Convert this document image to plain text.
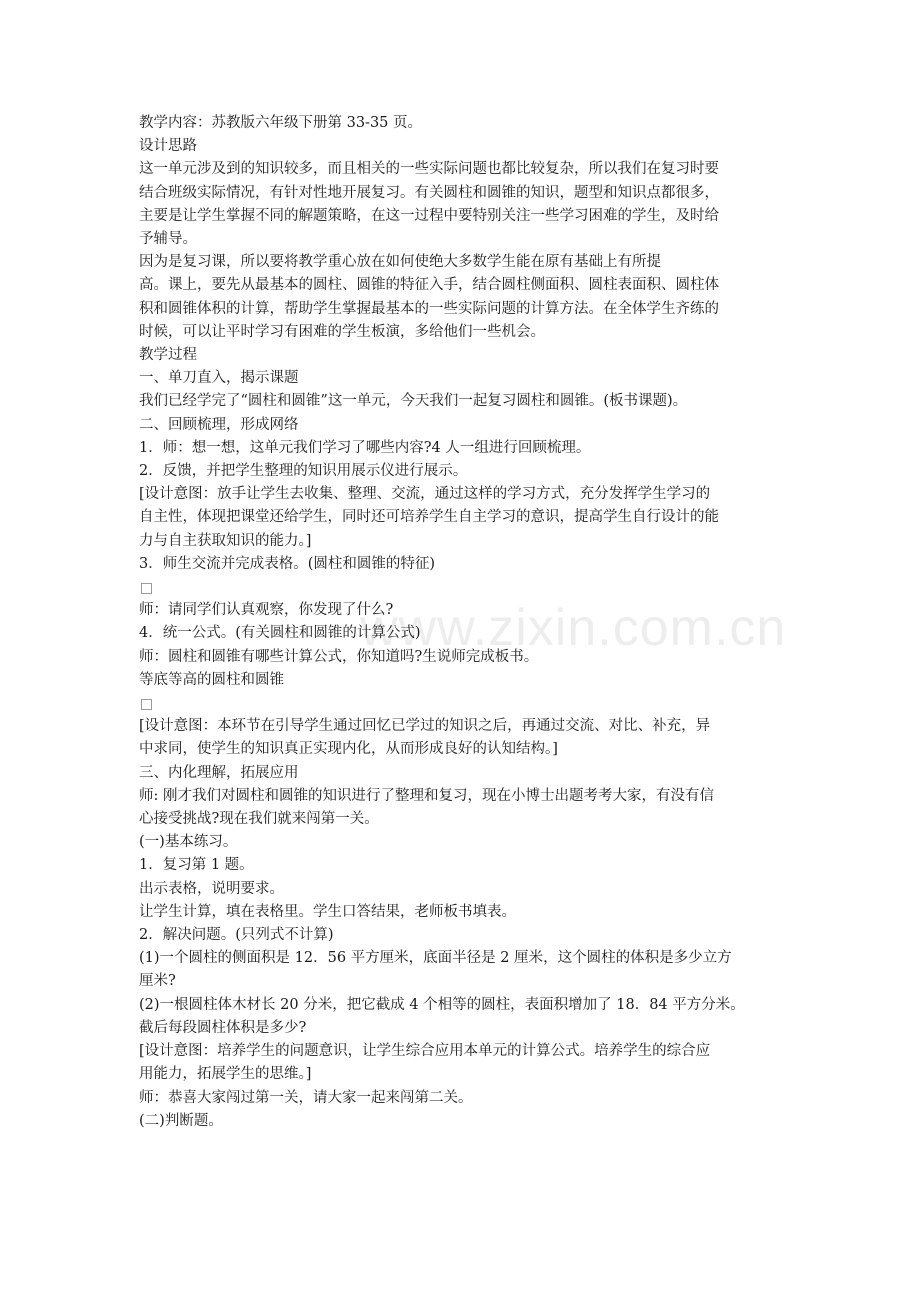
www.zixin.com.cn
教学内容：苏教版六年级下册第 33-35 页。
设计思路
这一单元涉及到的知识较多，而且相关的一些实际问题也都比较复杂，所以我们在复习时要
结合班级实际情况，有针对性地开展复习。有关圆柱和圆锥的知识，题型和知识点都很多，
主要是让学生掌握不同的解题策略，在这一过程中要特别关注一些学习困难的学生，及时给
予辅导。
因为是复习课，所以要将教学重心放在如何使绝大多数学生能在原有基础上有所提
高。课上，要先从最基本的圆柱、圆锥的特征入手，结合圆柱侧面积、圆柱表面积、圆柱体
积和圆锥体积的计算，帮助学生掌握最基本的一些实际问题的计算方法。在全体学生齐练的
时候，可以让平时学习有困难的学生板演，多给他们一些机会。
教学过程
一、单刀直入，揭示课题
我们已经学完了“圆柱和圆锥”这一单元，今天我们一起复习圆柱和圆锥。(板书课题)。
二、回顾梳理，形成网络
1．师：想一想，这单元我们学习了哪些内容?4 人一组进行回顾梳理。
2．反馈，并把学生整理的知识用展示仪进行展示。
[设计意图：放手让学生去收集、整理、交流，通过这样的学习方式，充分发挥学生学习的
自主性，体现把课堂还给学生，同时还可培养学生自主学习的意识，提高学生自行设计的能
力与自主获取知识的能力。]
3．师生交流并完成表格。(圆柱和圆锥的特征)
师：请同学们认真观察，你发现了什么?
4．统一公式。(有关圆柱和圆锥的计算公式)
师：圆柱和圆锥有哪些计算公式，你知道吗?生说师完成板书。
等底等高的圆柱和圆锥
[设计意图：本环节在引导学生通过回忆已学过的知识之后，再通过交流、对比、补充，异
中求同，使学生的知识真正实现内化，从而形成良好的认知结构。]
三、内化理解，拓展应用
师: 刚才我们对圆柱和圆锥的知识进行了整理和复习，现在小博士出题考考大家，有没有信
心接受挑战?现在我们就来闯第一关。
(一)基本练习。
1．复习第 1 题。
出示表格，说明要求。
让学生计算，填在表格里。学生口答结果，老师板书填表。
2．解决问题。(只列式不计算)
(1)一个圆柱的侧面积是 12．56 平方厘米，底面半径是 2 厘米，这个圆柱的体积是多少立方
厘米?
(2)一根圆柱体木材长 20 分米，把它截成 4 个相等的圆柱，表面积增加了 18．84 平方分米。
截后每段圆柱体积是多少?
[设计意图：培养学生的问题意识，让学生综合应用本单元的计算公式。培养学生的综合应
用能力，拓展学生的思维。]
师：恭喜大家闯过第一关，请大家一起来闯第二关。
(二)判断题。
